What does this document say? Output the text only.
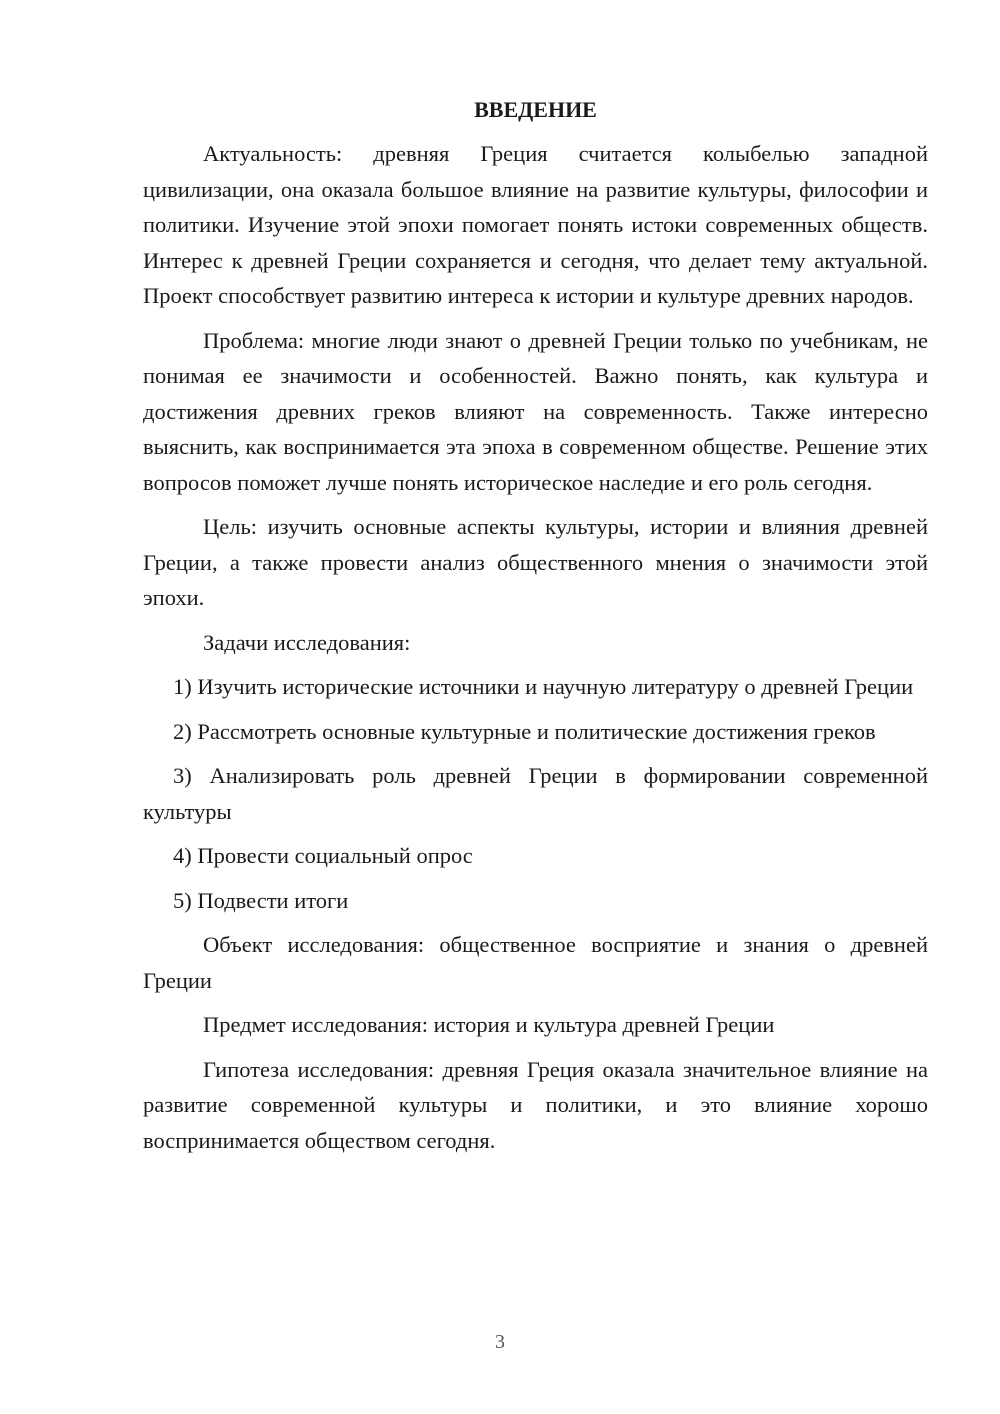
ВВЕДЕНИЕ

Актуальность: древняя Греция считается колыбелью западной цивилизации, она оказала большое влияние на развитие культуры, философии и политики. Изучение этой эпохи помогает понять истоки современных обществ. Интерес к древней Греции сохраняется и сегодня, что делает тему актуальной. Проект способствует развитию интереса к истории и культуре древних народов.

Проблема: многие люди знают о древней Греции только по учебникам, не понимая ее значимости и особенностей. Важно понять, как культура и достижения древних греков влияют на современность. Также интересно выяснить, как воспринимается эта эпоха в современном обществе. Решение этих вопросов поможет лучше понять историческое наследие и его роль сегодня.

Цель: изучить основные аспекты культуры, истории и влияния древней Греции, а также провести анализ общественного мнения о значимости этой эпохи.

Задачи исследования:

1) Изучить исторические источники и научную литературу о древней Греции

2) Рассмотреть основные культурные и политические достижения греков

3) Анализировать роль древней Греции в формировании современной культуры

4) Провести социальный опрос

5) Подвести итоги

Объект исследования: общественное восприятие и знания о древней Греции

Предмет исследования: история и культура древней Греции

Гипотеза исследования: древняя Греция оказала значительное влияние на развитие современной культуры и политики, и это влияние хорошо воспринимается обществом сегодня.

3
